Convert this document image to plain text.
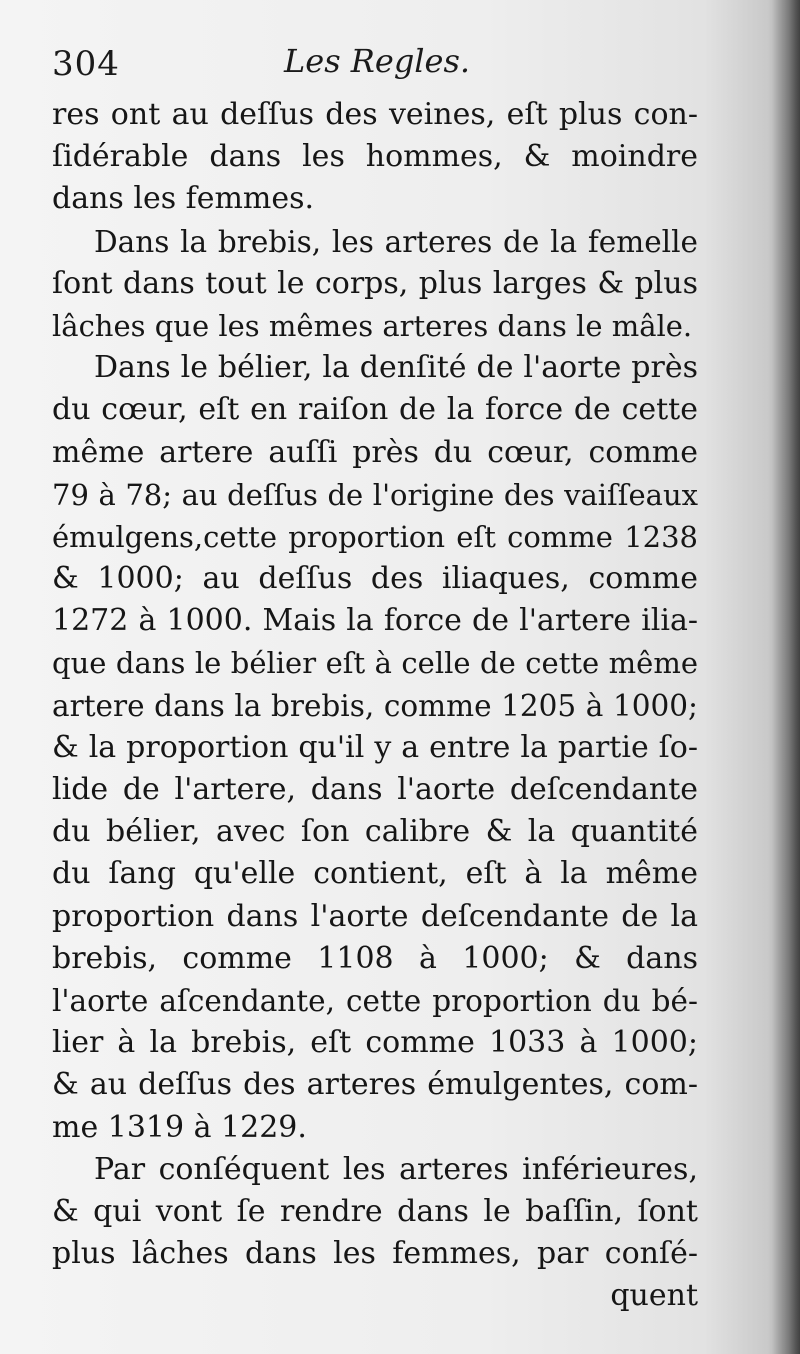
304	Les Regles.
res ont au deſſus des veines, eſt plus con-
ſidérable dans les hommes, & moindre
dans les femmes.
Dans la brebis, les arteres de la femelle
ſont dans tout le corps, plus larges & plus
lâches que les mêmes arteres dans le mâle.
Dans le bélier, la denſité de l'aorte près
du cœur, eſt en raiſon de la force de cette
même artere auſſi près du cœur, comme
79 à 78; au deſſus de l'origine des vaiſſeaux
émulgens,cette proportion eſt comme 1238
& 1000; au deſſus des iliaques, comme
1272 à 1000. Mais la force de l'artere ilia-
que dans le bélier eſt à celle de cette même
artere dans la brebis, comme 1205 à 1000;
& la proportion qu'il y a entre la partie ſo-
lide de l'artere, dans l'aorte deſcendante
du bélier, avec ſon calibre & la quantité
du ſang qu'elle contient, eſt à la même
proportion dans l'aorte deſcendante de la
brebis, comme 1108 à 1000; & dans
l'aorte aſcendante, cette proportion du bé-
lier à la brebis, eſt comme 1033 à 1000;
& au deſſus des arteres émulgentes, com-
me 1319 à 1229.
Par conſéquent les arteres inférieures,
& qui vont ſe rendre dans le baſſin, ſont
plus lâches dans les femmes, par conſé-
quent
